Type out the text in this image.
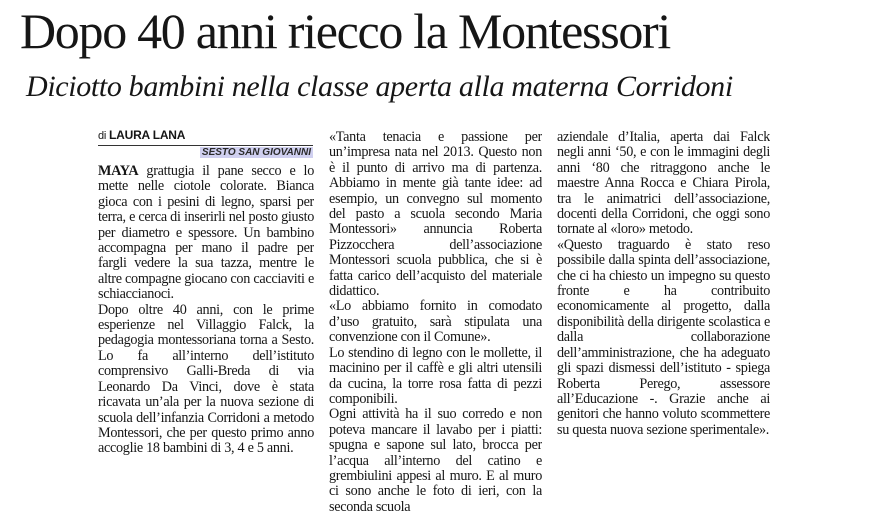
Dopo 40 anni riecco la Montessori
Diciotto bambini nella classe aperta alla materna Corridoni
di LAURA LANA
SESTO SAN GIOVANNI

MAYA grattugia il pane secco e lo mette nelle ciotole colorate. Bianca gioca con i pesini di legno, sparsi per terra, e cerca di inserirli nel posto giusto per diametro e spessore. Un bambino accompagna per mano il padre per fargli vedere la sua tazza, mentre le altre compagne giocano con cacciaviti e schiaccianoci.

Dopo oltre 40 anni, con le prime esperienze nel Villaggio Falck, la pedagogia montessoriana torna a Sesto. Lo fa all’interno dell’istituto comprensivo Galli-Breda di via Leonardo Da Vinci, dove è stata ricavata un’ala per la nuova sezione di scuola dell’infanzia Corridoni a metodo Montessori, che per questo primo anno accoglie 18 bambini di 3, 4 e 5 anni.

«Tanta tenacia e passione per un’impresa nata nel 2013. Questo non è il punto di arrivo ma di partenza. Abbiamo in mente già tante idee: ad esempio, un convegno sul momento del pasto a scuola secondo Maria Montessori» annuncia Roberta Pizzocchera dell’associazione Montessori scuola pubblica, che si è fatta carico dell’acquisto del materiale didattico.

«Lo abbiamo fornito in comodato d’uso gratuito, sarà stipulata una convenzione con il Comune».

Lo stendino di legno con le mollette, il macinino per il caffè e gli altri utensili da cucina, la torre rosa fatta di pezzi componibili.

Ogni attività ha il suo corredo e non poteva mancare il lavabo per i piatti: spugna e sapone sul lato, brocca per l’acqua all’interno del catino e grembiulini appesi al muro. E al muro ci sono anche le foto di ieri, con la seconda scuola

aziendale d’Italia, aperta dai Falck negli anni ‘50, e con le immagini degli anni ‘80 che ritraggono anche le maestre Anna Rocca e Chiara Pirola, tra le animatrici dell’associazione, docenti della Corridoni, che oggi sono tornate al «loro» metodo.

«Questo traguardo è stato reso possibile dalla spinta dell’associazione, che ci ha chiesto un impegno su questo fronte e ha contribuito economicamente al progetto, dalla disponibilità della dirigente scolastica e dalla collaborazione dell’amministrazione, che ha adeguato gli spazi dismessi dell’istituto - spiega Roberta Perego, assessore all’Educazione -. Grazie anche ai genitori che hanno voluto scommettere su questa nuova sezione sperimentale».
